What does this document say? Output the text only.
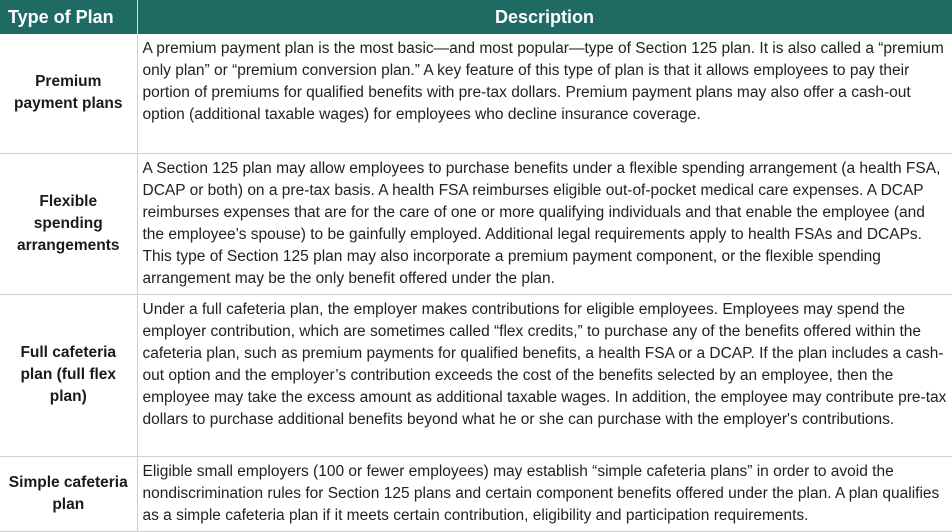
Type of Plan	Description
Premium payment plans	A premium payment plan is the most basic—and most popular—type of Section 125 plan. It is also called a “premium only plan” or “premium conversion plan.” A key feature of this type of plan is that it allows employees to pay their portion of premiums for qualified benefits with pre-tax dollars. Premium payment plans may also offer a cash-out option (additional taxable wages) for employees who decline insurance coverage.
Flexible spending arrangements	A Section 125 plan may allow employees to purchase benefits under a flexible spending arrangement (a health FSA, DCAP or both) on a pre-tax basis. A health FSA reimburses eligible out-of-pocket medical care expenses. A DCAP reimburses expenses that are for the care of one or more qualifying individuals and that enable the employee (and the employee’s spouse) to be gainfully employed. Additional legal requirements apply to health FSAs and DCAPs. This type of Section 125 plan may also incorporate a premium payment component, or the flexible spending arrangement may be the only benefit offered under the plan.
Full cafeteria plan (full flex plan)	Under a full cafeteria plan, the employer makes contributions for eligible employees. Employees may spend the employer contribution, which are sometimes called “flex credits,” to purchase any of the benefits offered within the cafeteria plan, such as premium payments for qualified benefits, a health FSA or a DCAP. If the plan includes a cash-out option and the employer’s contribution exceeds the cost of the benefits selected by an employee, then the employee may take the excess amount as additional taxable wages. In addition, the employee may contribute pre-tax dollars to purchase additional benefits beyond what he or she can purchase with the employer's contributions.
Simple cafeteria plan	Eligible small employers (100 or fewer employees) may establish “simple cafeteria plans” in order to avoid the nondiscrimination rules for Section 125 plans and certain component benefits offered under the plan. A plan qualifies as a simple cafeteria plan if it meets certain contribution, eligibility and participation requirements.
